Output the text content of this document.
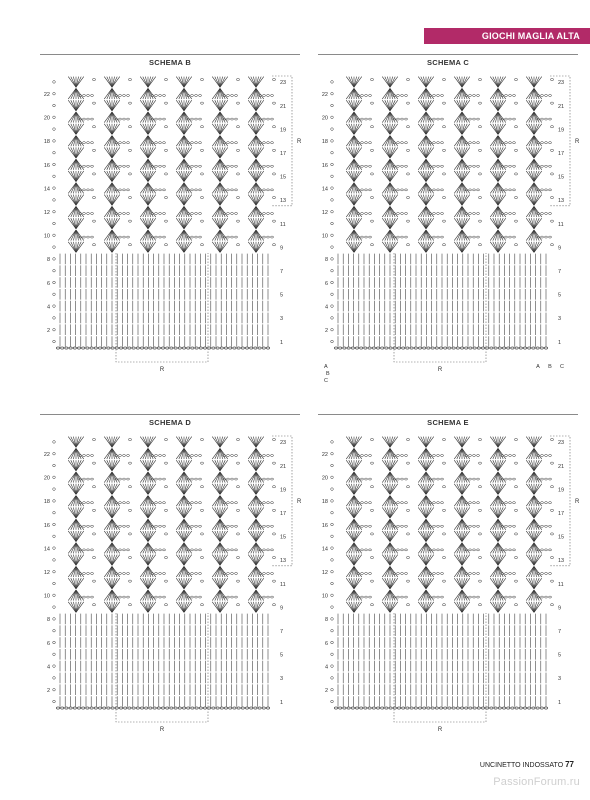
GIOCHI MAGLIA ALTA
SCHEMA B
22
20
18
16
14
12
10
8
6
4
2
23
21
19
17
15
13
11
9
7
5
3
1
R
R
SCHEMA C
22
20
18
16
14
12
10
8
6
4
2
23
21
19
17
15
13
11
9
7
5
3
1
R
R
A	A
B
B
C
C
SCHEMA D
22
20
18
16
14
12
10
8
6
4
2
23
21
19
17
15
13
11
9
7
5
3
1
R
R
SCHEMA E
22
20
18
16
14
12
10
8
6
4
2
23
21
19
17
15
13
11
9
7
5
3
1
R
R
UNCINETTO INDOSSATO 77
PassionForum.ru
